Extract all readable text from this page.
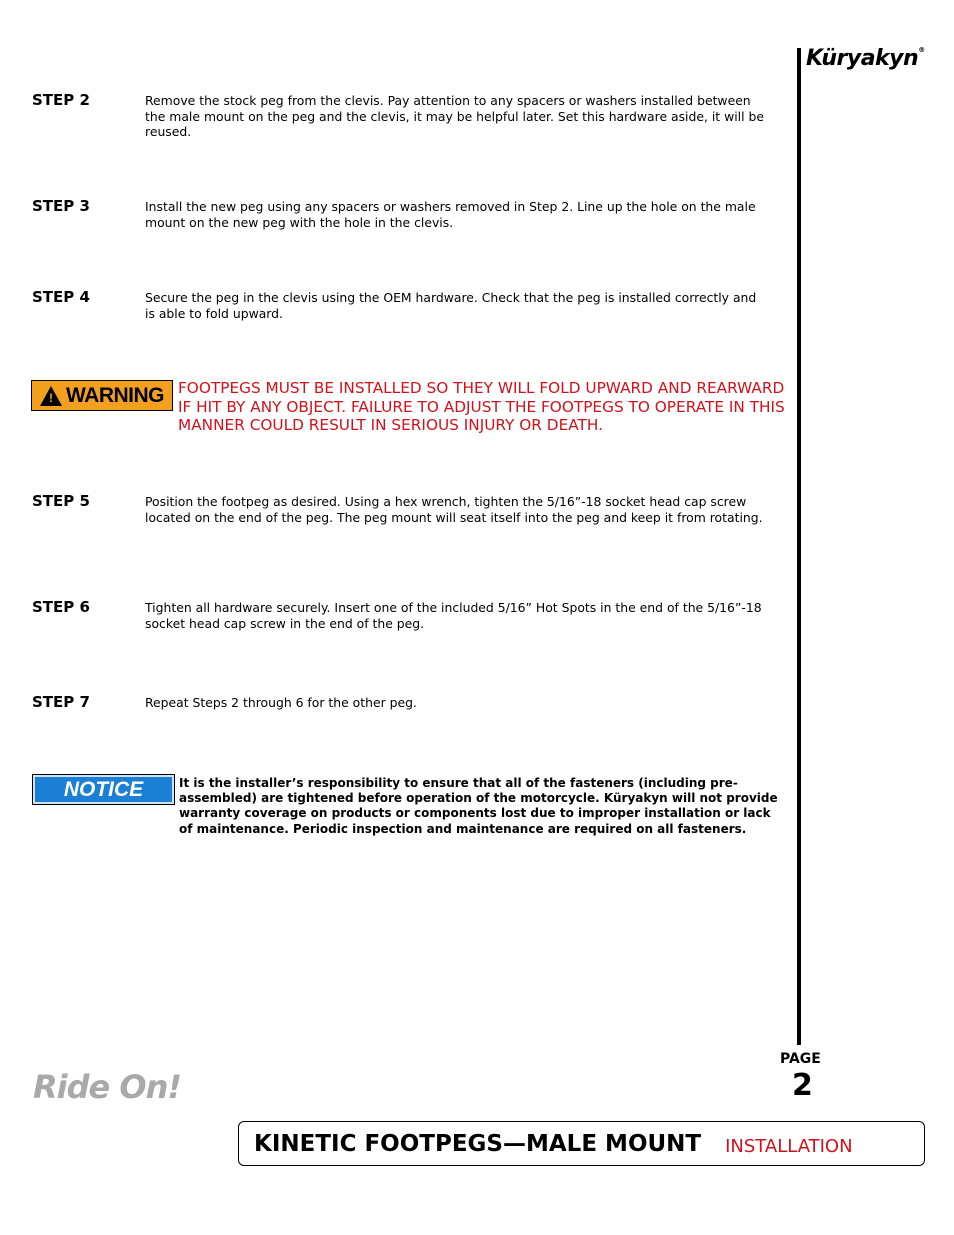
Küryakyn®
STEP 2	Remove the stock peg from the clevis. Pay attention to any spacers or washers installed between the male mount on the peg and the clevis, it may be helpful later. Set this hardware aside, it will be reused.
STEP 3	Install the new peg using any spacers or washers removed in Step 2. Line up the hole on the male mount on the new peg with the hole in the clevis.
STEP 4	Secure the peg in the clevis using the OEM hardware. Check that the peg is installed correctly and is able to fold upward.
! WARNING FOOTPEGS MUST BE INSTALLED SO THEY WILL FOLD UPWARD AND REARWARD IF HIT BY ANY OBJECT. FAILURE TO ADJUST THE FOOTPEGS TO OPERATE IN THIS MANNER COULD RESULT IN SERIOUS INJURY OR DEATH.
STEP 5	Position the footpeg as desired. Using a hex wrench, tighten the 5/16”-18 socket head cap screw located on the end of the peg. The peg mount will seat itself into the peg and keep it from rotating.
STEP 6	Tighten all hardware securely. Insert one of the included 5/16” Hot Spots in the end of the 5/16”-18 socket head cap screw in the end of the peg.
STEP 7	Repeat Steps 2 through 6 for the other peg.
NOTICE	It is the installer’s responsibility to ensure that all of the fasteners (including pre-assembled) are tightened before operation of the motorcycle. Küryakyn will not provide warranty coverage on products or components lost due to improper installation or lack of maintenance. Periodic inspection and maintenance are required on all fasteners.
PAGE
2
Ride On!
KINETIC FOOTPEGS—MALE MOUNT INSTALLATION
